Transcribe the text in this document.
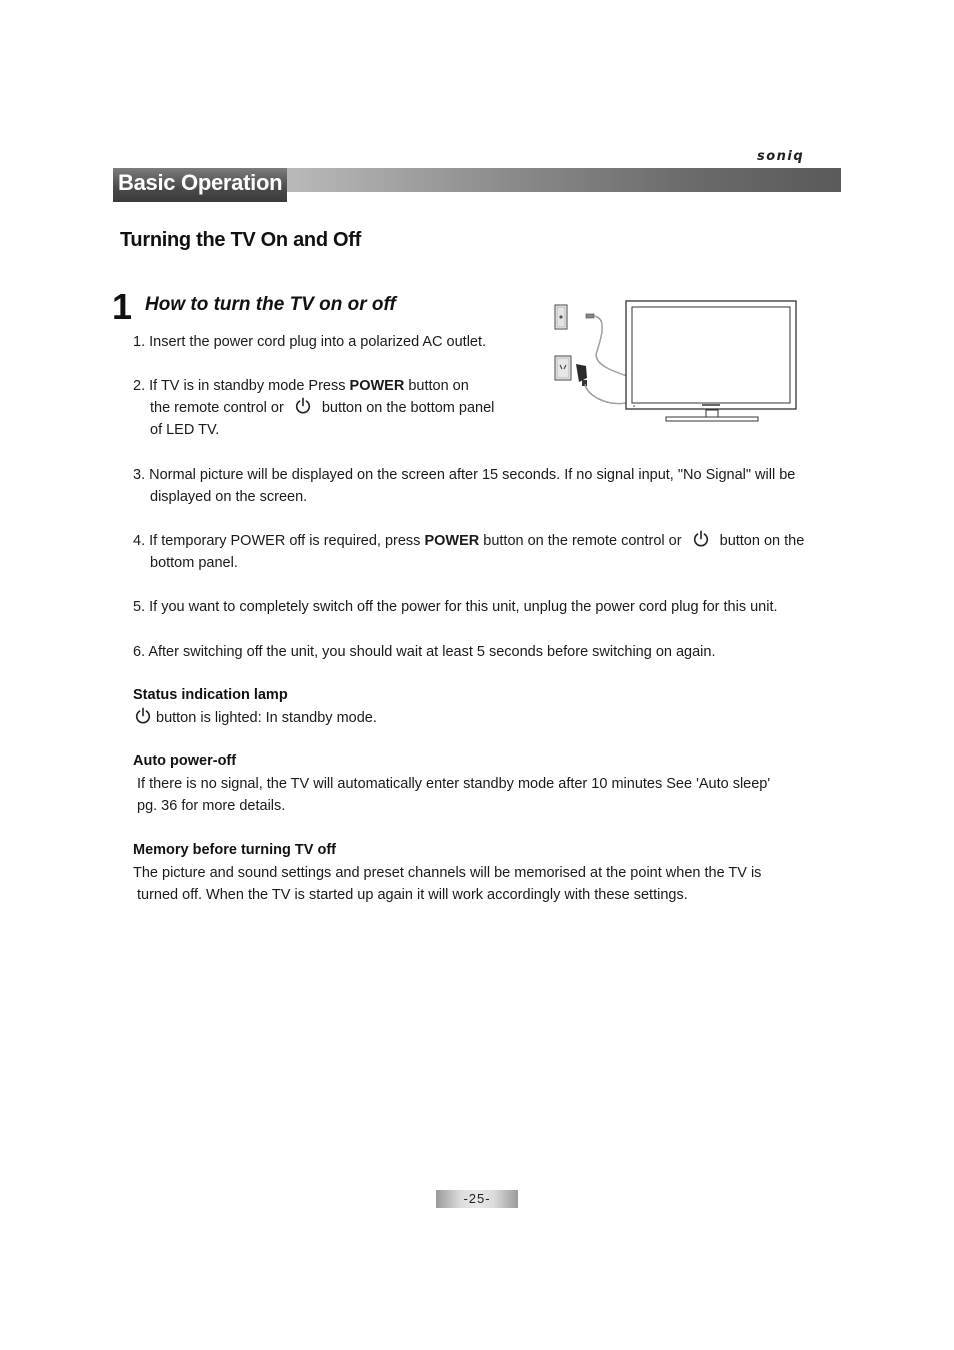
soniq
Basic Operation
Turning the TV On and Off
1 How to turn the TV on or off
1. Insert the power cord plug into a polarized AC outlet.
2. If TV is in standby mode Press POWER button on
the remote control or	button on the bottom panel
of LED TV.
3. Normal picture will be displayed on the screen after 15 seconds. If no signal input, "No Signal" will be
displayed on the screen.
4. If temporary POWER off is required, press POWER button on the remote control or	button on the
bottom panel.
5. If you want to completely switch off the power for this unit, unplug the power cord plug for this unit.
6. After switching off the unit, you should wait at least 5 seconds before switching on again.
Status indication lamp
button is lighted: In standby mode.
Auto power-off
If there is no signal, the TV will automatically enter standby mode after 10 minutes See 'Auto sleep'
pg. 36 for more details.
Memory before turning TV off
The picture and sound settings and preset channels will be memorised at the point when the TV is
turned off. When the TV is started up again it will work accordingly with these settings.
-25-
